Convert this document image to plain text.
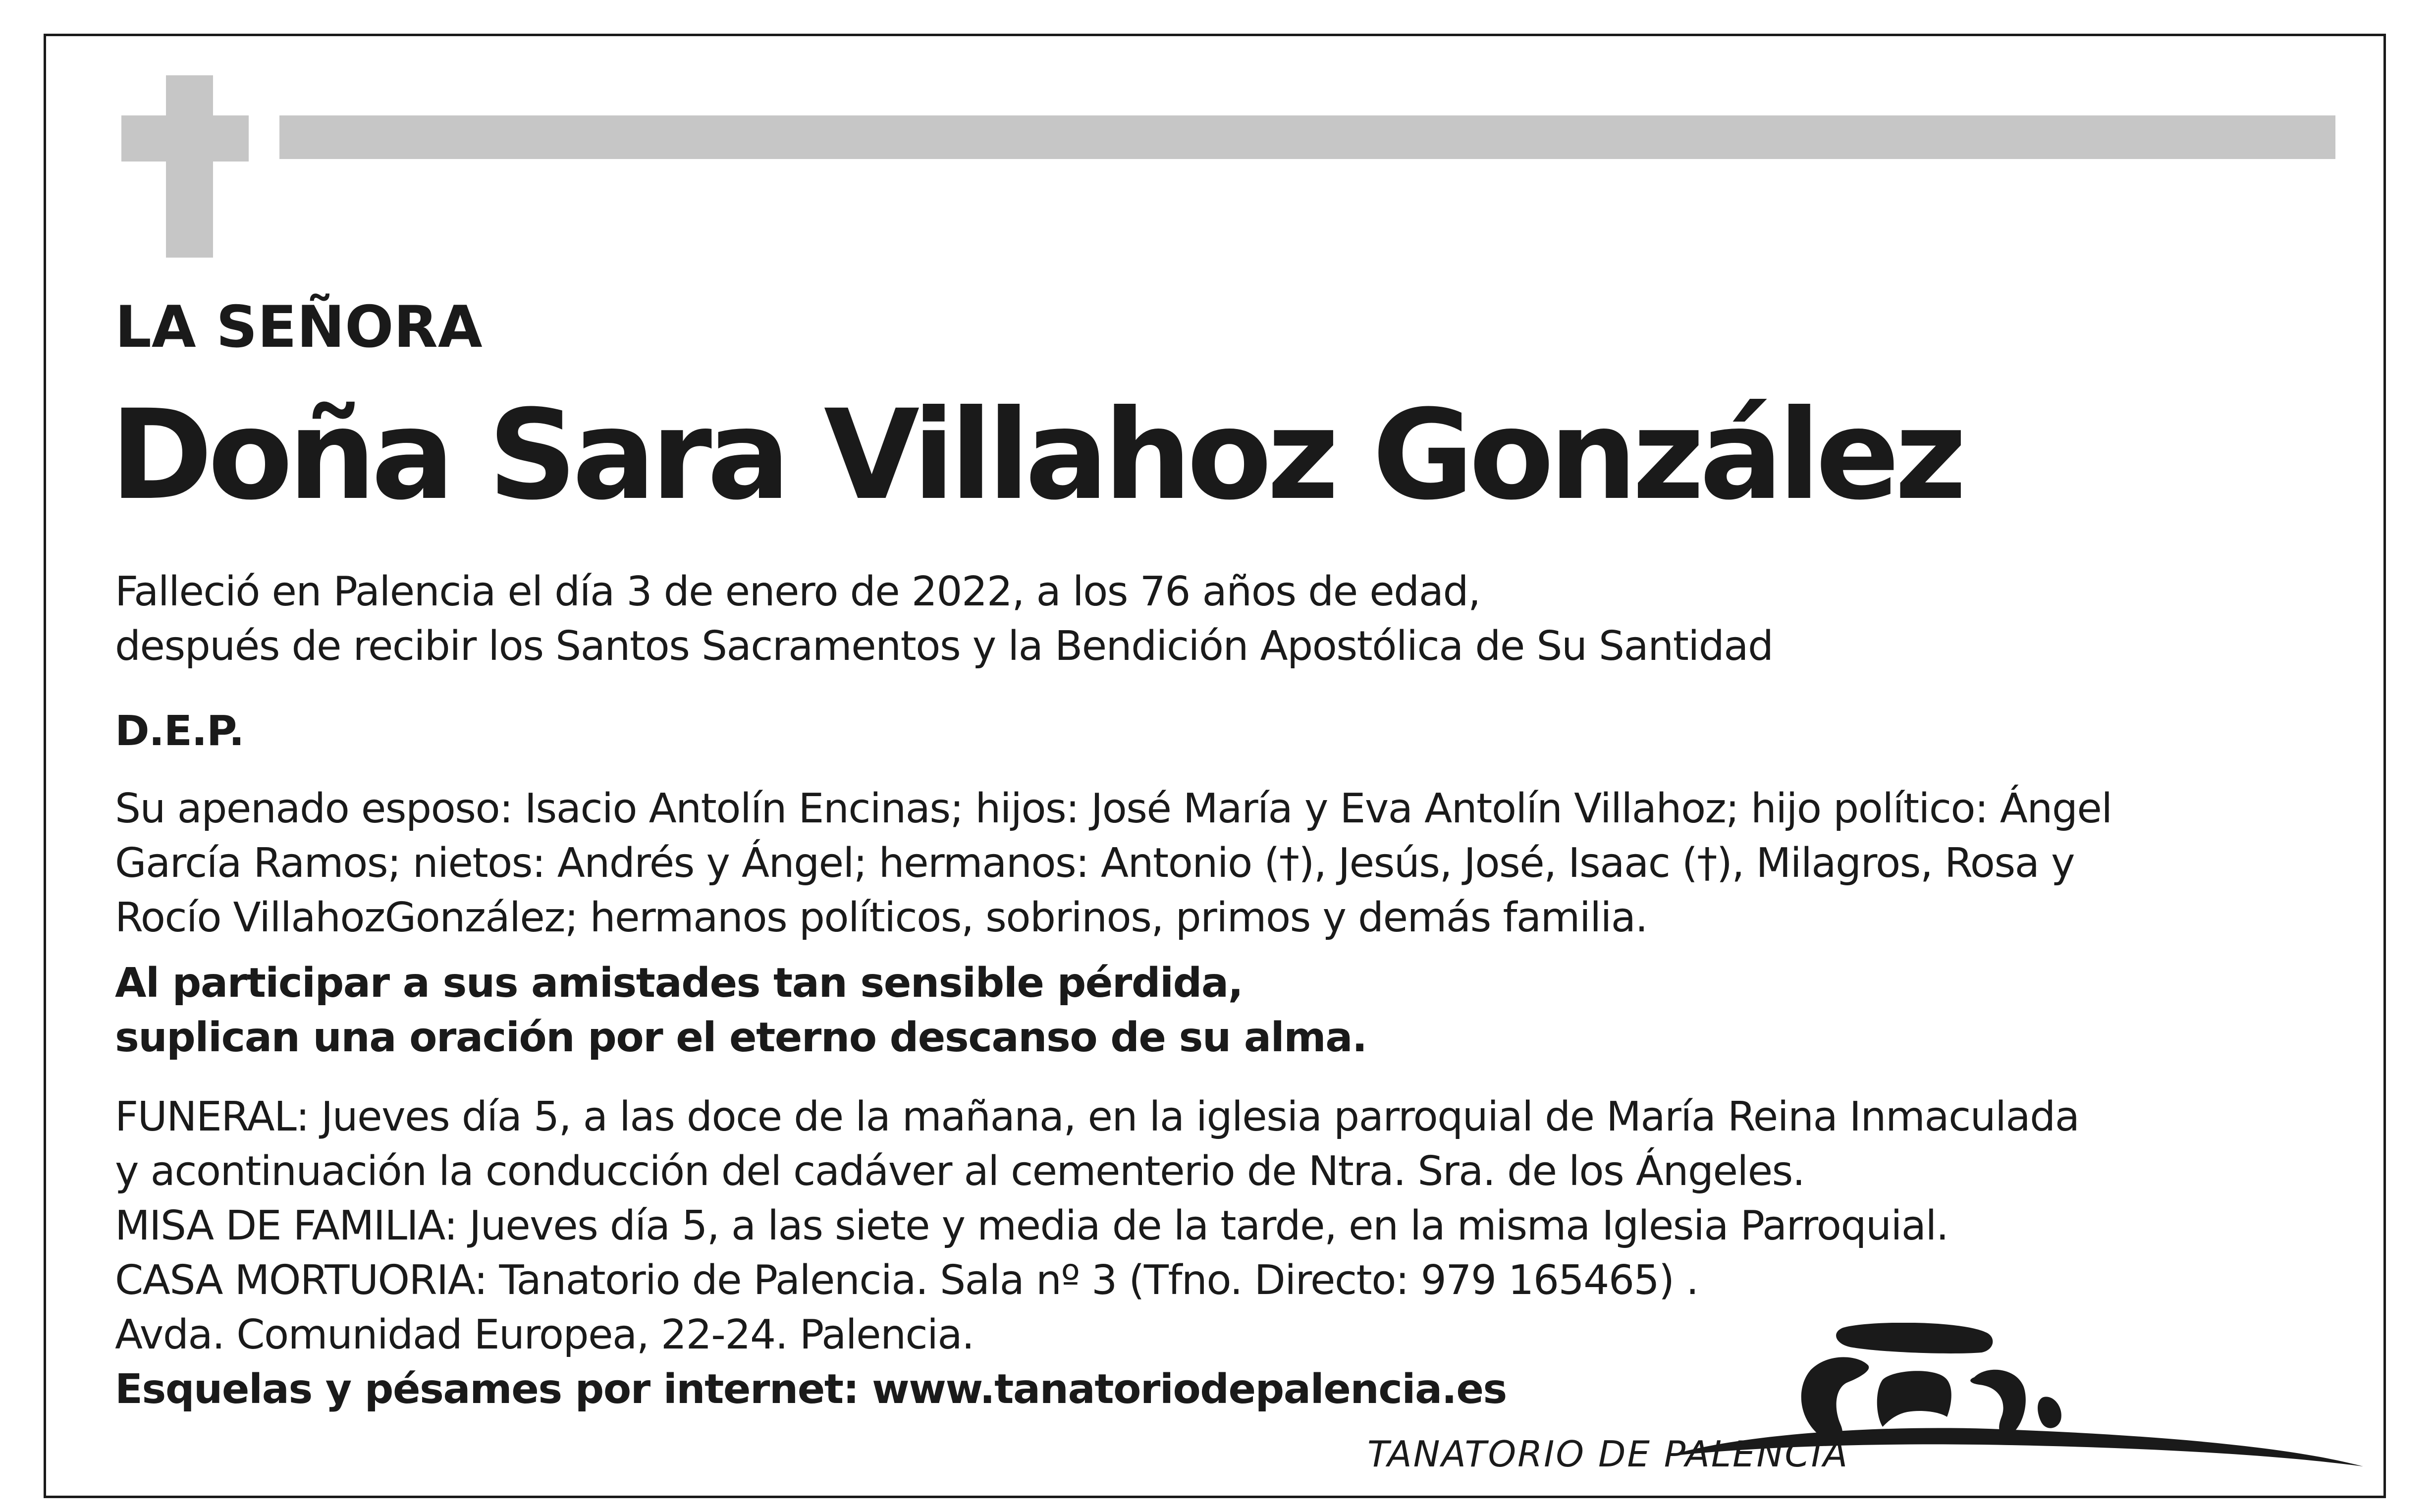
LA SEÑORA
Doña Sara Villahoz González
Falleció en Palencia el día 3 de enero de 2022, a los 76 años de edad,
después de recibir los Santos Sacramentos y la Bendición Apostólica de Su Santidad
D.E.P.
Su apenado esposo: Isacio Antolín Encinas; hijos: José María y Eva Antolín Villahoz; hijo político: Ángel
García Ramos; nietos: Andrés y Ángel; hermanos: Antonio (†), Jesús, José, Isaac (†), Milagros, Rosa y
Rocío VillahozGonzález; hermanos políticos, sobrinos, primos y demás familia.
Al participar a sus amistades tan sensible pérdida,
suplican una oración por el eterno descanso de su alma.
FUNERAL: Jueves día 5, a las doce de la mañana, en la iglesia parroquial de María Reina Inmaculada
y acontinuación la conducción del cadáver al cementerio de Ntra. Sra. de los Ángeles.
MISA DE FAMILIA: Jueves día 5, a las siete y media de la tarde, en la misma Iglesia Parroquial.
CASA MORTUORIA: Tanatorio de Palencia. Sala nº 3 (Tfno. Directo: 979 165465) .
Avda. Comunidad Europea, 22-24. Palencia.
Esquelas y pésames por internet: www.tanatoriodepalencia.es
TANATORIO DE PALENCIA
